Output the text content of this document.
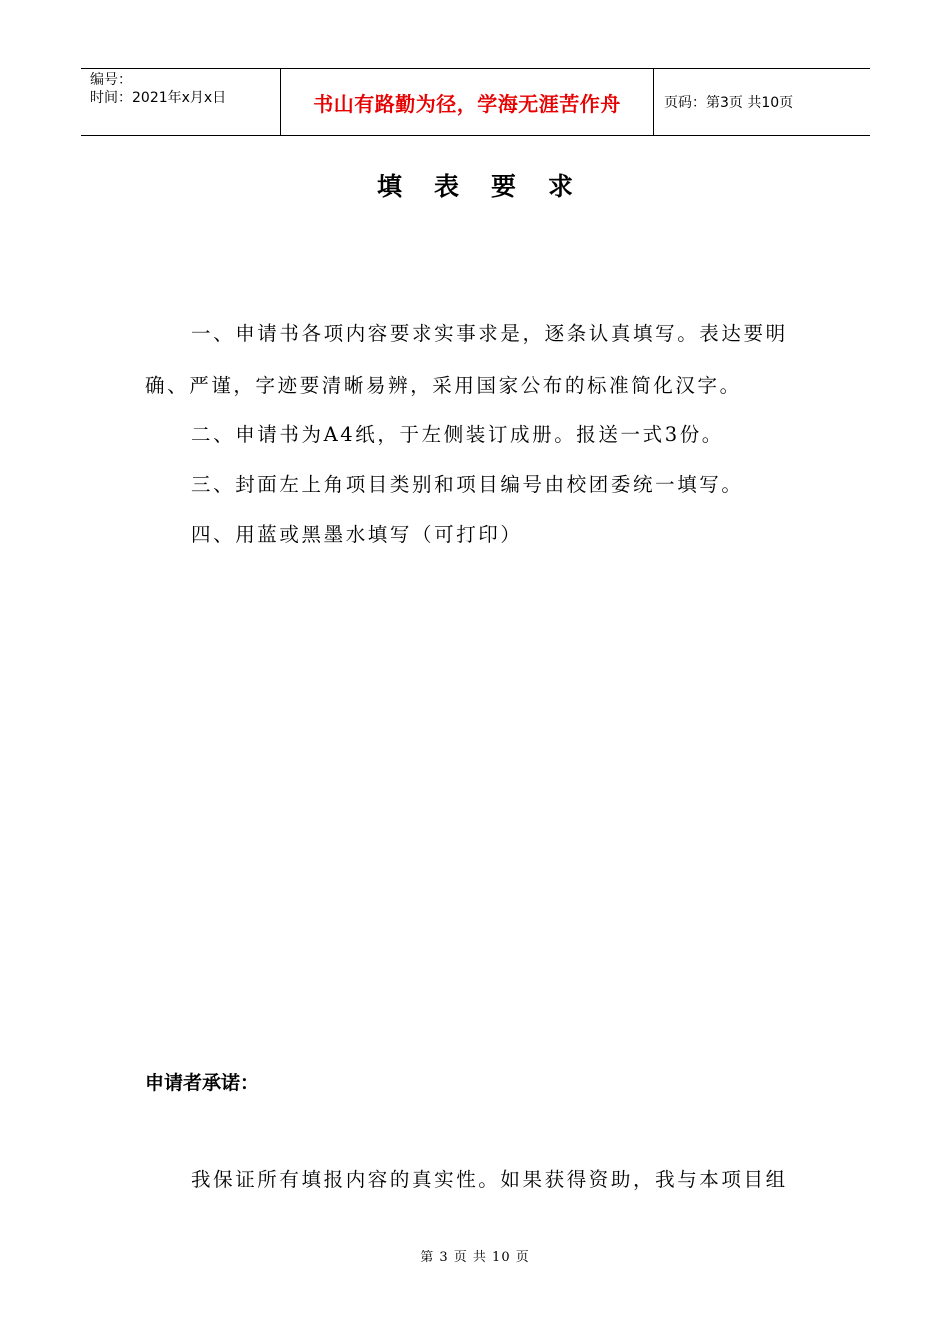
编号：
时间：2021年x月x日	书山有路勤为径，学海无涯苦作舟	页码：第3页 共10页
填表要求
一、申请书各项内容要求实事求是，逐条认真填写。表达要明确、严谨，字迹要清晰易辨，采用国家公布的标准简化汉字。
二、申请书为A4纸，于左侧装订成册。报送一式3份。
三、封面左上角项目类别和项目编号由校团委统一填写。
四、用蓝或黑墨水填写（可打印）
申请者承诺：
我保证所有填报内容的真实性。如果获得资助，我与本项目组
第 3 页 共 10 页
